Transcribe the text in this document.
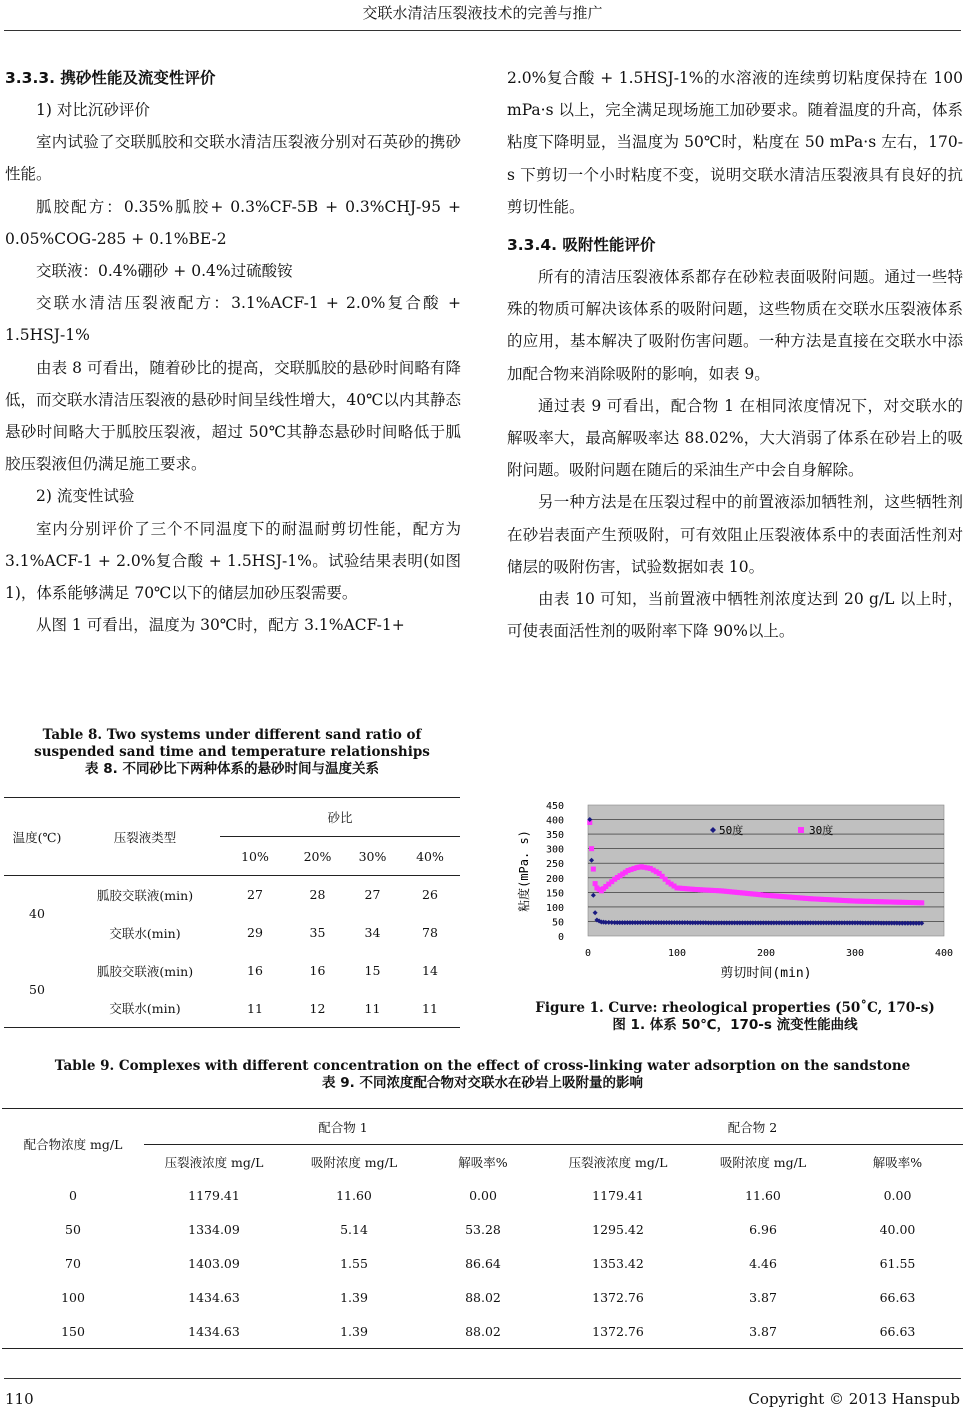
交联水清洁压裂液技术的完善与推广
3.3.3. 携砂性能及流变性评价

1) 对比沉砂评价

室内试验了交联胍胶和交联水清洁压裂液分别对石英砂的携砂性能。

胍胶配方：0.35%胍胶+ 0.3%CF-5B + 0.3%CHJ-95 + 0.05%COG-285 + 0.1%BE-2

交联液：0.4%硼砂 + 0.4%过硫酸铵

交联水清洁压裂液配方：3.1%ACF-1 + 2.0%复合酸 + 1.5HSJ-1%

由表 8 可看出，随着砂比的提高，交联胍胶的悬砂时间略有降低，而交联水清洁压裂液的悬砂时间呈线性增大，40℃以内其静态悬砂时间略大于胍胶压裂液，超过 50℃其静态悬砂时间略低于胍胶压裂液但仍满足施工要求。

2) 流变性试验

室内分别评价了三个不同温度下的耐温耐剪切性能，配方为 3.1%ACF-1 + 2.0%复合酸 + 1.5HSJ-1%。试验结果表明(如图 1)，体系能够满足 70℃以下的储层加砂压裂需要。

从图 1 可看出，温度为 30℃时，配方 3.1%ACF-1+

2.0%复合酸 + 1.5HSJ-1%的水溶液的连续剪切粘度保持在 100 mPa·s 以上，完全满足现场施工加砂要求。随着温度的升高，体系粘度下降明显，当温度为 50℃时，粘度在 50 mPa·s 左右，170-s 下剪切一个小时粘度不变，说明交联水清洁压裂液具有良好的抗剪切性能。

3.3.4. 吸附性能评价

所有的清洁压裂液体系都存在砂粒表面吸附问题。通过一些特殊的物质可解决该体系的吸附问题，这些物质在交联水压裂液体系的应用，基本解决了吸附伤害问题。一种方法是直接在交联水中添加配合物来消除吸附的影响，如表 9。

通过表 9 可看出，配合物 1 在相同浓度情况下，对交联水的解吸率大，最高解吸率达 88.02%，大大消弱了体系在砂岩上的吸附问题。吸附问题在随后的采油生产中会自身解除。

另一种方法是在压裂过程中的前置液添加牺牲剂，这些牺牲剂在砂岩表面产生预吸附，可有效阻止压裂液体系中的表面活性剂对储层的吸附伤害，试验数据如表 10。

由表 10 可知，当前置液中牺牲剂浓度达到 20 g/L 以上时，可使表面活性剂的吸附率下降 90%以上。

Table 8. Two systems under different sand ratio of suspended sand time and temperature relationships
表 8. 不同砂比下两种体系的悬砂时间与温度关系
温度(℃)	压裂液类型	砂比			
		10%	20%	30%	40%
40	胍胶交联液(min)	27	28	27	26
	交联水(min)	29	35	34	78
50	胍胶交联液(min)	16	16	15	14
	交联水(min)	11	12	11	11
0
50
100
150
200
250
300
350
400
450
0	100	200	300	400
50度	30度
粘度(mPa. s)
剪切时间(min)
Figure 1. Curve: rheological properties (50˚C, 170-s)
图 1. 体系 50℃，170-s 流变性能曲线
Table 9. Complexes with different concentration on the effect of cross-linking water adsorption on the sandstone
表 9. 不同浓度配合物对交联水在砂岩上吸附量的影响
配合物浓度 mg/L	配合物 1			配合物 2		
	压裂液浓度 mg/L	吸附浓度 mg/L	解吸率%	压裂液浓度 mg/L	吸附浓度 mg/L	解吸率%
0	1179.41	11.60	0.00	1179.41	11.60	0.00
50	1334.09	5.14	53.28	1295.42	6.96	40.00
70	1403.09	1.55	86.64	1353.42	4.46	61.55
100	1434.63	1.39	88.02	1372.76	3.87	66.63
150	1434.63	1.39	88.02	1372.76	3.87	66.63
110	Copyright © 2013 Hanspub
